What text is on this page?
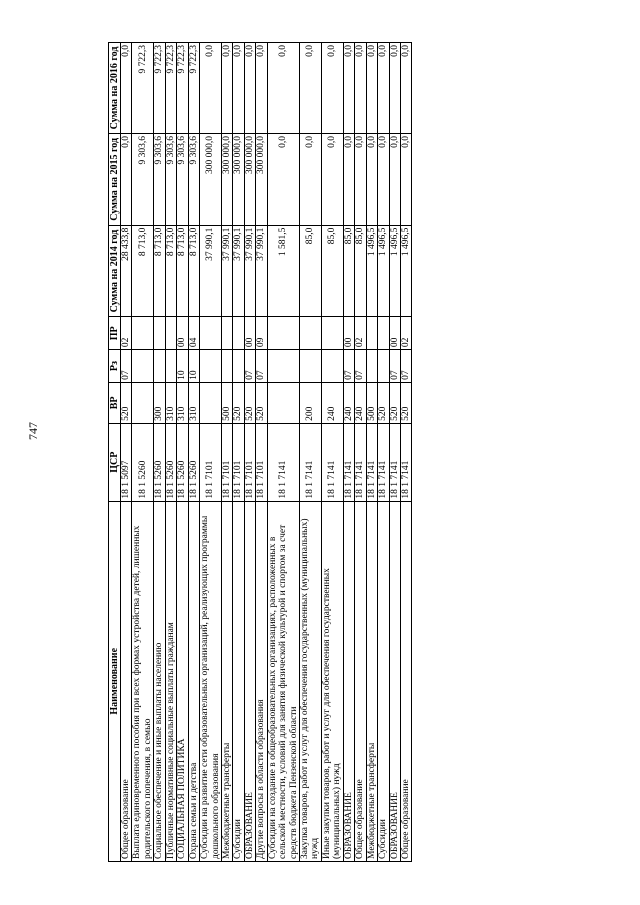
747
Наименование	ЦСР	ВР	Рз	ПР	Сумма на 2014 год	Сумма на 2015 год	Сумма на 2016 год
Общее образование	18 1 5097	520	07	02	28 433,8	0,0	0,0
Выплата единовременного пособия при всех формах устройства детей, лишенных родительского попечения, в семью	18 1 5260				8 713,0	9 303,6	9 722,3
Социальное обеспечение и иные выплаты населению	18 1 5260	300			8 713,0	9 303,6	9 722,3
Публичные нормативные социальные выплаты гражданам	18 1 5260	310			8 713,0	9 303,6	9 722,3
СОЦИАЛЬНАЯ ПОЛИТИКА	18 1 5260	310	10	00	8 713,0	9 303,6	9 722,3
Охрана семьи и детства	18 1 5260	310	10	04	8 713,0	9 303,6	9 722,3
Субсидии на развитие сети образовательных организаций, реализующих программы дошкольного образования	18 1 7101				37 990,1	300 000,0	0,0
Межбюджетные трансферты	18 1 7101	500			37 990,1	300 000,0	0,0
Субсидии	18 1 7101	520			37 990,1	300 000,0	0,0
ОБРАЗОВАНИЕ	18 1 7101	520	07	00	37 990,1	300 000,0	0,0
Другие вопросы в области образования	18 1 7101	520	07	09	37 990,1	300 000,0	0,0
Субсидии на создание в общеобразовательных организациях, расположенных в сельской местности, условий для занятия физической культурой и спортом за счет средств бюджета Пензенской области	18 1 7141				1 581,5	0,0	0,0
Закупка товаров, работ и услуг для обеспечения государственных (муниципальных) нужд	18 1 7141	200			85,0	0,0	0,0
Иные закупки товаров, работ и услуг для обеспечения государственных (муниципальных) нужд	18 1 7141	240			85,0	0,0	0,0
ОБРАЗОВАНИЕ	18 1 7141	240	07	00	85,0	0,0	0,0
Общее образование	18 1 7141	240	07	02	85,0	0,0	0,0
Межбюджетные трансферты	18 1 7141	500			1 496,5	0,0	0,0
Субсидии	18 1 7141	520			1 496,5	0,0	0,0
ОБРАЗОВАНИЕ	18 1 7141	520	07	00	1 496,5	0,0	0,0
Общее образование	18 1 7141	520	07	02	1 496,5	0,0	0,0
